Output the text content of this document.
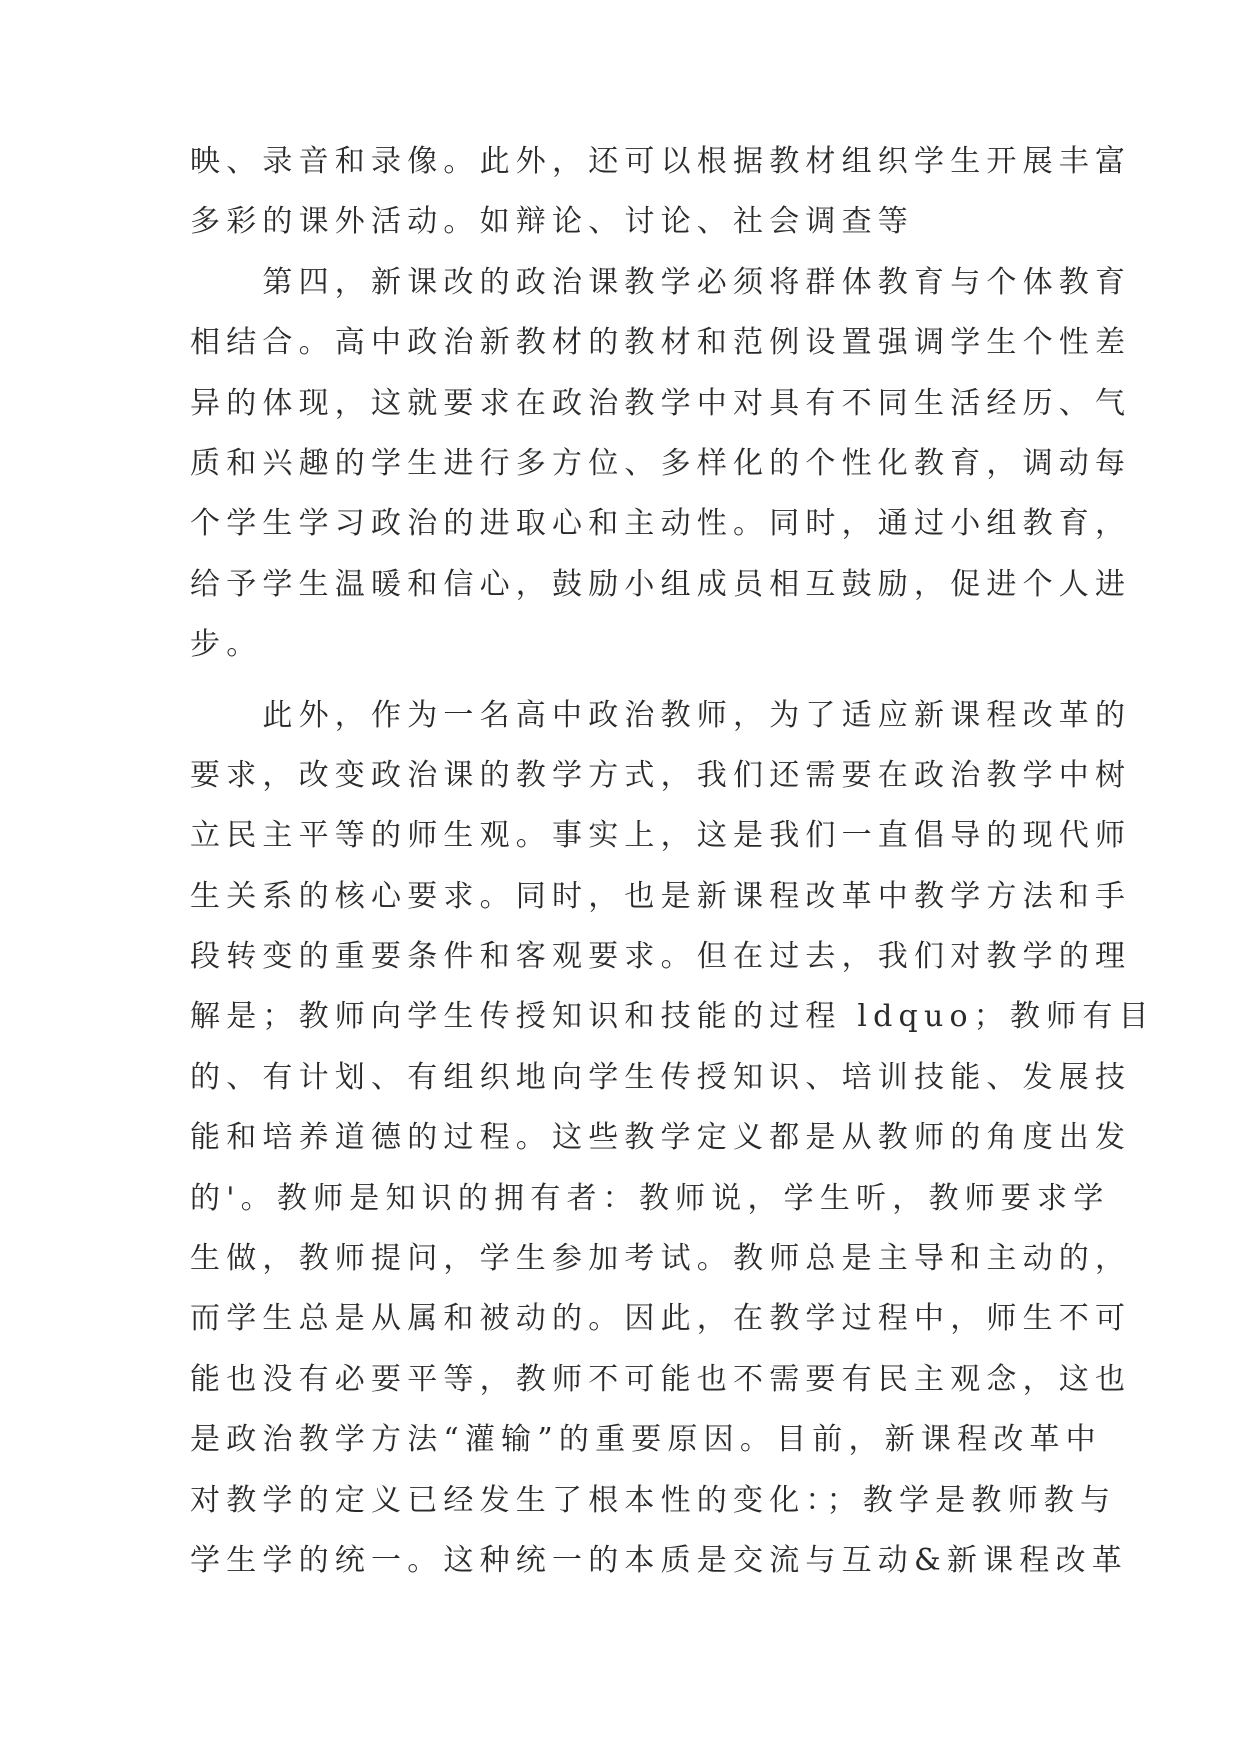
映、录音和录像。此外，还可以根据教材组织学生开展丰富
多彩的课外活动。如辩论、讨论、社会调查等
　　第四，新课改的政治课教学必须将群体教育与个体教育
相结合。高中政治新教材的教材和范例设置强调学生个性差
异的体现，这就要求在政治教学中对具有不同生活经历、气
质和兴趣的学生进行多方位、多样化的个性化教育，调动每
个学生学习政治的进取心和主动性。同时，通过小组教育，
给予学生温暖和信心，鼓励小组成员相互鼓励，促进个人进
步。
　　此外，作为一名高中政治教师，为了适应新课程改革的
要求，改变政治课的教学方式，我们还需要在政治教学中树
立民主平等的师生观。事实上，这是我们一直倡导的现代师
生关系的核心要求。同时，也是新课程改革中教学方法和手
段转变的重要条件和客观要求。但在过去，我们对教学的理
解是；教师向学生传授知识和技能的过程 ldquo；教师有目
的、有计划、有组织地向学生传授知识、培训技能、发展技
能和培养道德的过程。这些教学定义都是从教师的角度出发
的'。教师是知识的拥有者：教师说，学生听，教师要求学
生做，教师提问，学生参加考试。教师总是主导和主动的，
而学生总是从属和被动的。因此，在教学过程中，师生不可
能也没有必要平等，教师不可能也不需要有民主观念，这也
是政治教学方法“灌输”的重要原因。目前，新课程改革中
对教学的定义已经发生了根本性的变化：；教学是教师教与
学生学的统一。这种统一的本质是交流与互动&新课程改革
